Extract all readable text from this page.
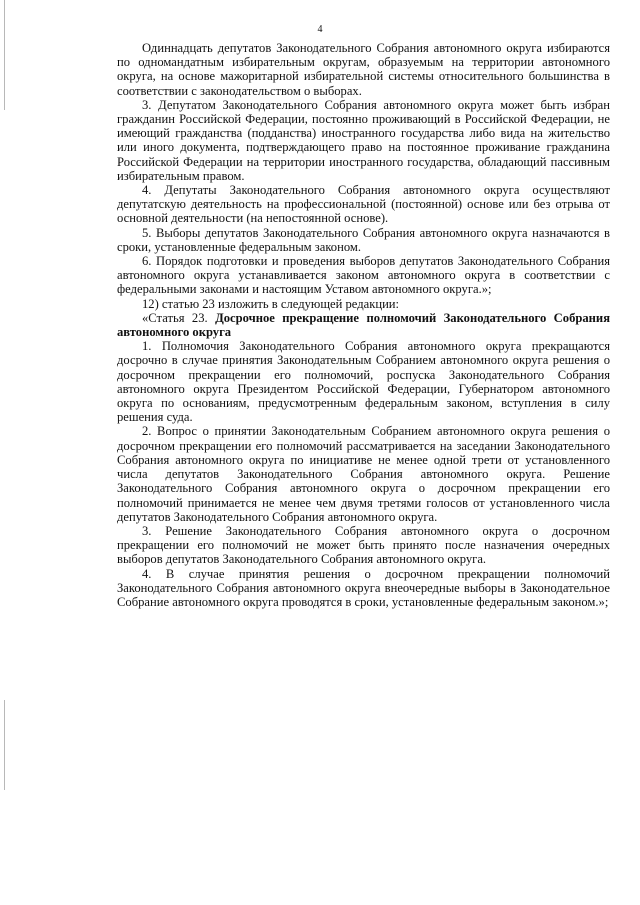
4

Одиннадцать депутатов Законодательного Собрания автономного округа избираются по одномандатным избирательным округам, образуемым на территории автономного округа, на основе мажоритарной избирательной системы относительного большинства в соответствии с законодательством о выборах.

3. Депутатом Законодательного Собрания автономного округа может быть избран гражданин Российской Федерации, постоянно проживающий в Российской Федерации, не имеющий гражданства (подданства) иностранного государства либо вида на жительство или иного документа, подтверждающего право на постоянное проживание гражданина Российской Федерации на территории иностранного государства, обладающий пассивным избирательным правом.

4. Депутаты Законодательного Собрания автономного округа осуществляют депутатскую деятельность на профессиональной (постоянной) основе или без отрыва от основной деятельности (на непостоянной основе).

5. Выборы депутатов Законодательного Собрания автономного округа назначаются в сроки, установленные федеральным законом.

6. Порядок подготовки и проведения выборов депутатов Законодательного Собрания автономного округа устанавливается законом автономного округа в соответствии с федеральными законами и настоящим Уставом автономного округа.»;

12) статью 23 изложить в следующей редакции:

«Статья 23. Досрочное прекращение полномочий Законодательного Собрания автономного округа

1. Полномочия Законодательного Собрания автономного округа прекращаются досрочно в случае принятия Законодательным Собранием автономного округа решения о досрочном прекращении его полномочий, роспуска Законодательного Собрания автономного округа Президентом Российской Федерации, Губернатором автономного округа по основаниям, предусмотренным федеральным законом, вступления в силу решения суда.

2. Вопрос о принятии Законодательным Собранием автономного округа решения о досрочном прекращении его полномочий рассматривается на заседании Законодательного Собрания автономного округа по инициативе не менее одной трети от установленного числа депутатов Законодательного Собрания автономного округа. Решение Законодательного Собрания автономного округа о досрочном прекращении его полномочий принимается не менее чем двумя третями голосов от установленного числа депутатов Законодательного Собрания автономного округа.

3. Решение Законодательного Собрания автономного округа о досрочном прекращении его полномочий не может быть принято после назначения очередных выборов депутатов Законодательного Собрания автономного округа.

4. В случае принятия решения о досрочном прекращении полномочий Законодательного Собрания автономного округа внеочередные выборы в Законодательное Собрание автономного округа проводятся в сроки, установленные федеральным законом.»;
